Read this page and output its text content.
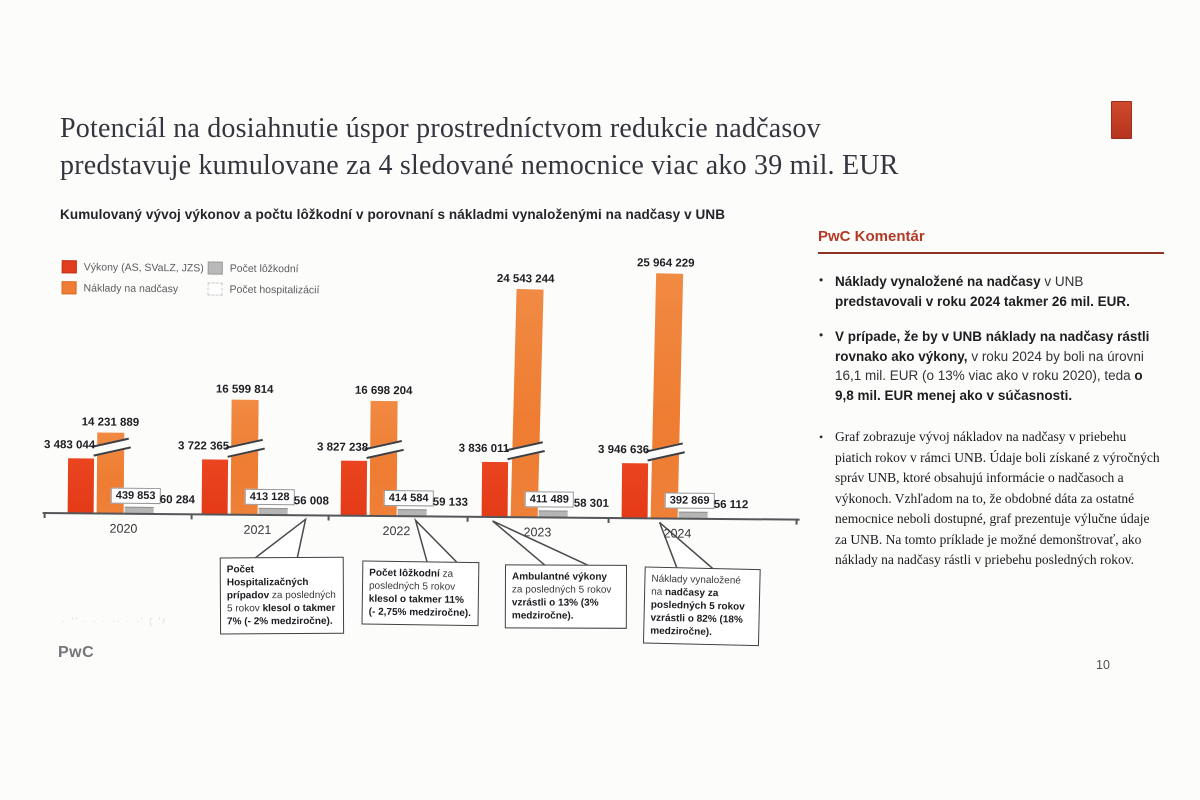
Potenciál na dosiahnutie úspor prostredníctvom redukcie nadčasov
predstavuje kumulovane za 4 sledované nemocnice viac ako 39 mil. EUR
Kumulovaný vývoj výkonov a počtu lôžkodní v porovnaní s nákladmi vynaloženými na nadčasy v UNB
Výkony (AS, SVaLZ, JZS) Počet lôžkodní
Náklady na nadčasy	Počet hospitalizácií
3 483 044
14 231 889
439 853 60 284
2020
3 722 365
16 599 814
413 128 56 008
2021
3 827 238
16 698 204
414 584 59 133
2022
3 836 011
24 543 244
411 489 58 301
2023
3 946 636
25 964 229
392 869 56 112
2024
Počet Hospitalizačných prípadov za posledných 5 rokov klesol o takmer 7% (- 2% medziročne).
Počet lôžkodní za posledných 5 rokov klesol o takmer 11% (- 2,75% medziročne).
Ambulantné výkony za posledných 5 rokov vzrástli o 13% (3% medziročne).
Náklady vynaložené na nadčasy za posledných 5 rokov vzrástli o 82% (18% medziročne).
PwC Komentár
• Náklady vynaložené na nadčasy v UNB predstavovali v roku 2024 takmer 26 mil. EUR.
• V prípade, že by v UNB náklady na nadčasy rástli rovnako ako výkony, v roku 2024 by boli na úrovni 16,1 mil. EUR (o 13% viac ako v roku 2020), teda o 9,8 mil. EUR menej ako v súčasnosti.
• Graf zobrazuje vývoj nákladov na nadčasy v priebehu piatich rokov v rámci UNB. Údaje boli získané z výročných správ UNB, ktoré obsahujú informácie o nadčasoch a výkonoch. Vzhľadom na to, že obdobné dáta za ostatné nemocnice neboli dostupné, graf prezentuje výlučne údaje za UNB. Na tomto príklade je možné demonštrovať, ako náklady na nadčasy rástli v priebehu posledných rokov.
· '' · · · ·· · ·' ( '/
PwC
10
